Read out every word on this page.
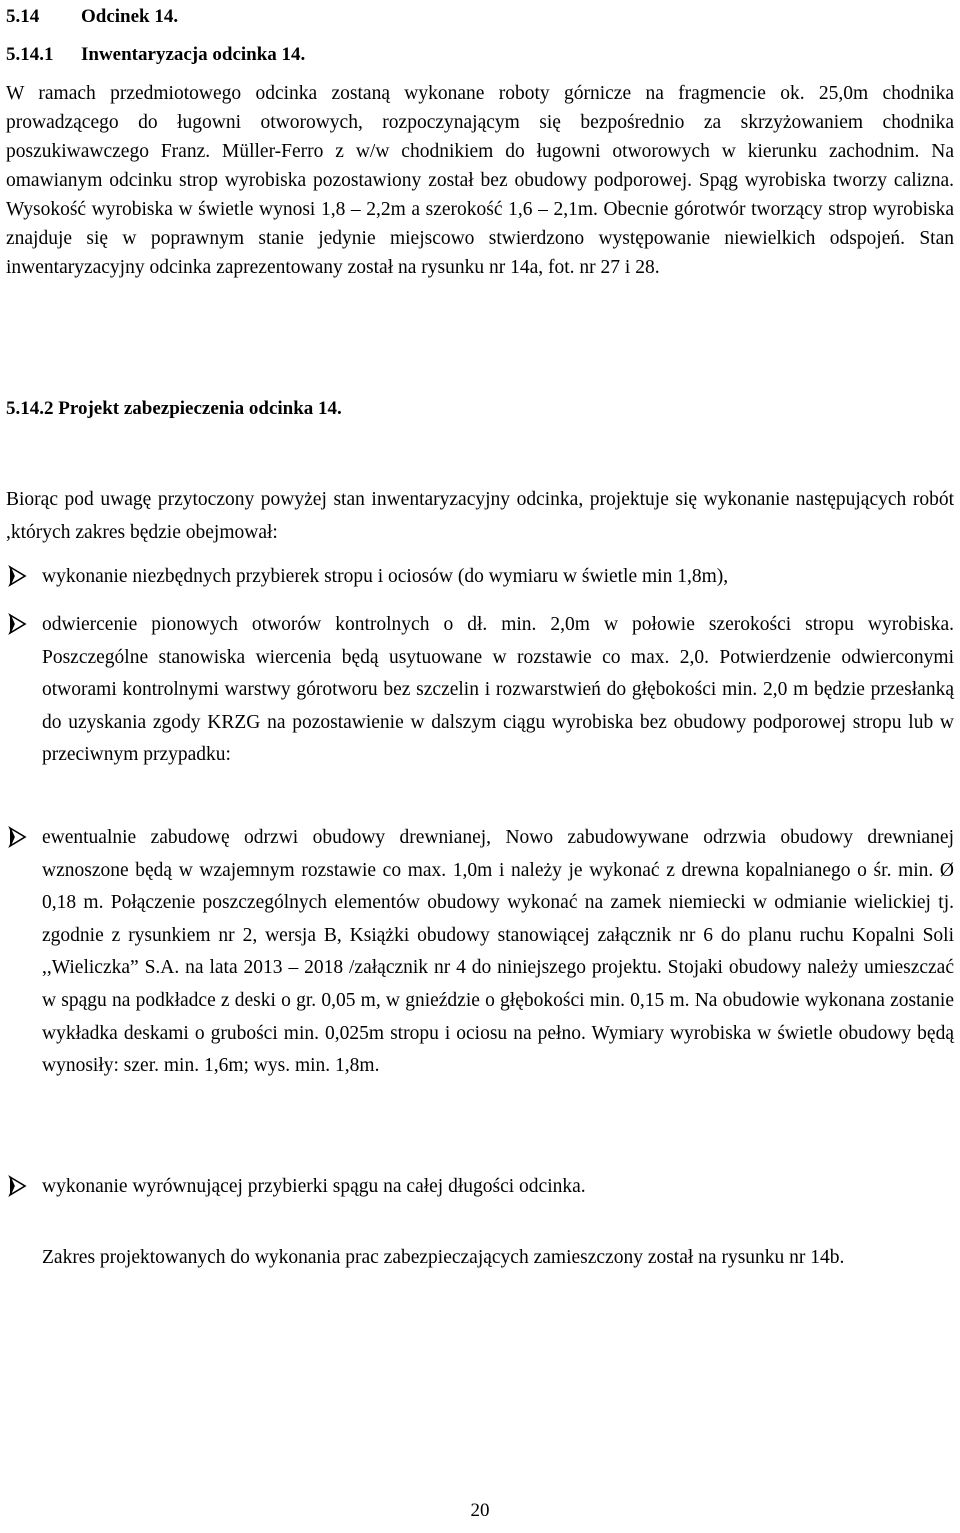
5.14 Odcinek 14.
5.14.1 Inwentaryzacja odcinka 14.

W ramach przedmiotowego odcinka zostaną wykonane roboty górnicze na fragmencie ok. 25,0m chodnika prowadzącego do ługowni otworowych, rozpoczynającym się bezpośrednio za skrzyżowaniem chodnika poszukiwawczego Franz. Müller-Ferro z w/w chodnikiem do ługowni otworowych w kierunku zachodnim. Na omawianym odcinku strop wyrobiska pozostawiony został bez obudowy podporowej. Spąg wyrobiska tworzy calizna. Wysokość wyrobiska w świetle wynosi 1,8 – 2,2m a szerokość 1,6 – 2,1m. Obecnie górotwór tworzący strop wyrobiska znajduje się w poprawnym stanie jedynie miejscowo stwierdzono występowanie niewielkich odspojeń. Stan inwentaryzacyjny odcinka zaprezentowany został na rysunku nr 14a, fot. nr 27 i 28.

5.14.2 Projekt zabezpieczenia odcinka 14.

Biorąc pod uwagę przytoczony powyżej stan inwentaryzacyjny odcinka, projektuje się wykonanie następujących robót ,których zakres będzie obejmował:

wykonanie niezbędnych przybierek stropu i ociosów (do wymiaru w świetle min 1,8m),

odwiercenie pionowych otworów kontrolnych o dł. min. 2,0m w połowie szerokości stropu wyrobiska. Poszczególne stanowiska wiercenia będą usytuowane w rozstawie co max. 2,0. Potwierdzenie odwierconymi otworami kontrolnymi warstwy górotworu bez szczelin i rozwarstwień do głębokości min. 2,0 m będzie przesłanką do uzyskania zgody KRZG na pozostawienie w dalszym ciągu wyrobiska bez obudowy podporowej stropu lub w przeciwnym przypadku:

ewentualnie zabudowę odrzwi obudowy drewnianej, Nowo zabudowywane odrzwia obudowy drewnianej wznoszone będą w wzajemnym rozstawie co max. 1,0m i należy je wykonać z drewna kopalnianego o śr. min. Ø 0,18 m. Połączenie poszczególnych elementów obudowy wykonać na zamek niemiecki w odmianie wielickiej tj. zgodnie z rysunkiem nr 2, wersja B, Książki obudowy stanowiącej załącznik nr 6 do planu ruchu Kopalni Soli ,,Wieliczka” S.A. na lata 2013 – 2018 /załącznik nr 4 do niniejszego projektu. Stojaki obudowy należy umieszczać w spągu na podkładce z deski o gr. 0,05 m, w gnieździe o głębokości min. 0,15 m. Na obudowie wykonana zostanie wykładka deskami o grubości min. 0,025m stropu i ociosu na pełno. Wymiary wyrobiska w świetle obudowy będą wynosiły: szer. min. 1,6m; wys. min. 1,8m.

wykonanie wyrównującej przybierki spągu na całej długości odcinka.

Zakres projektowanych do wykonania prac zabezpieczających zamieszczony został na rysunku nr 14b.

20
